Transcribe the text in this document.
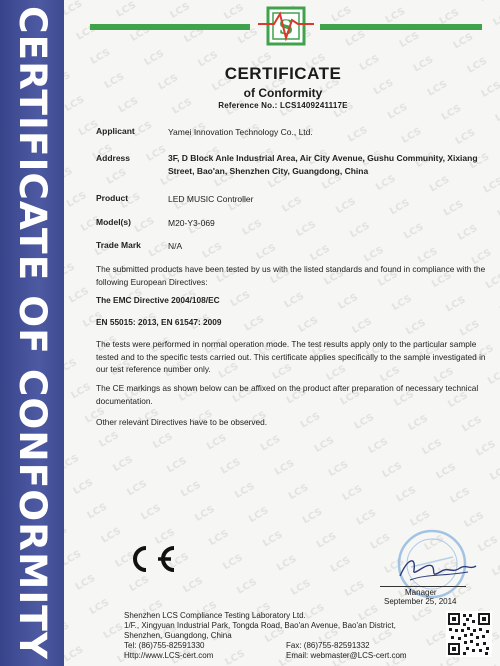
CERTIFICATE OF CONFORMITY	S
CERTIFICATE
of Conformity
Reference No.: LCS1409241117E
Applicant	Yamei Innovation Technology Co., Ltd.
Address	3F, D Block Anle Industrial Area, Air City Avenue, Gushu Community, Xixiang Street, Bao'an, Shenzhen City, Guangdong, China
Product	LED MUSIC Controller
Model(s)	M20-Y3-069
Trade Mark	N/A

The submitted products have been tested by us with the listed standards and found in compliance with the following European Directives:

The EMC Directive 2004/108/EC

EN 55015: 2013, EN 61547: 2009

The tests were performed in normal operation mode. The test results apply only to the particular sample tested and to the specific tests carried out. This certificate applies specifically to the sample investigated in our test reference number only.

The CE markings as shown below can be affixed on the product after preparation of necessary technical documentation.

Other relevant Directives have to be observed.

Manager
September 25, 2014
Shenzhen LCS Compliance Testing Laboratory Ltd.
1/F., Xingyuan Industrial Park, Tongda Road, Bao'an Avenue, Bao'an District,
Shenzhen, Guangdong, China
Tel: (86)755-82591330	Fax: (86)755-82591332
Http://www.LCS-cert.com	Email: webmaster@LCS-cert.com
